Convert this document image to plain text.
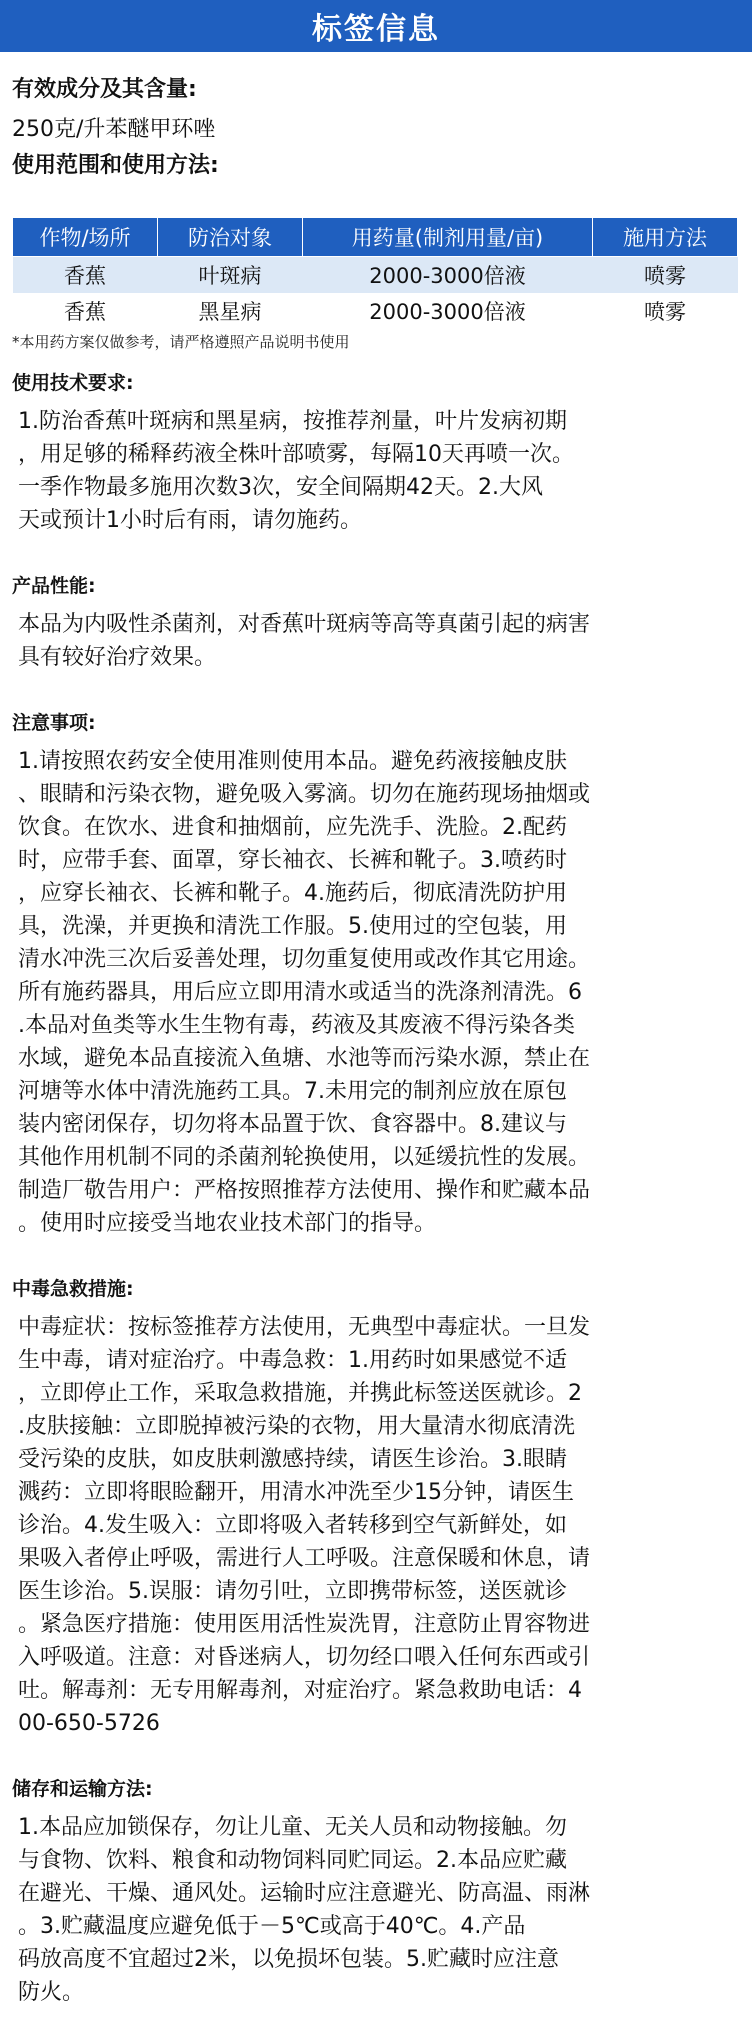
标签信息

有效成分及其含量:

250克/升苯醚甲环唑

使用范围和使用方法:

作物/场所	防治对象	用药量(制剂用量/亩)	施用方法
香蕉	叶斑病	2000-3000倍液	喷雾
香蕉	黑星病	2000-3000倍液	喷雾
*本用药方案仅做参考，请严格遵照产品说明书使用

使用技术要求:

1.防治香蕉叶斑病和黑星病，按推荐剂量，叶片发病初期
，用足够的稀释药液全株叶部喷雾，每隔10天再喷一次。
一季作物最多施用次数3次，安全间隔期42天。2.大风
天或预计1小时后有雨，请勿施药。

产品性能:

本品为内吸性杀菌剂，对香蕉叶斑病等高等真菌引起的病害
具有较好治疗效果。

注意事项:

1.请按照农药安全使用准则使用本品。避免药液接触皮肤
、眼睛和污染衣物，避免吸入雾滴。切勿在施药现场抽烟或
饮食。在饮水、进食和抽烟前，应先洗手、洗脸。2.配药
时，应带手套、面罩，穿长袖衣、长裤和靴子。3.喷药时
，应穿长袖衣、长裤和靴子。4.施药后，彻底清洗防护用
具，洗澡，并更换和清洗工作服。5.使用过的空包装，用
清水冲洗三次后妥善处理，切勿重复使用或改作其它用途。
所有施药器具，用后应立即用清水或适当的洗涤剂清洗。6
.本品对鱼类等水生生物有毒，药液及其废液不得污染各类
水域，避免本品直接流入鱼塘、水池等而污染水源，禁止在
河塘等水体中清洗施药工具。7.未用完的制剂应放在原包
装内密闭保存，切勿将本品置于饮、食容器中。8.建议与
其他作用机制不同的杀菌剂轮换使用，以延缓抗性的发展。
制造厂敬告用户：严格按照推荐方法使用、操作和贮藏本品
。使用时应接受当地农业技术部门的指导。

中毒急救措施:

中毒症状：按标签推荐方法使用，无典型中毒症状。一旦发
生中毒，请对症治疗。中毒急救：1.用药时如果感觉不适
，立即停止工作，采取急救措施，并携此标签送医就诊。2
.皮肤接触：立即脱掉被污染的衣物，用大量清水彻底清洗
受污染的皮肤，如皮肤刺激感持续，请医生诊治。3.眼睛
溅药：立即将眼睑翻开，用清水冲洗至少15分钟，请医生
诊治。4.发生吸入：立即将吸入者转移到空气新鲜处，如
果吸入者停止呼吸，需进行人工呼吸。注意保暖和休息，请
医生诊治。5.误服：请勿引吐，立即携带标签，送医就诊
。紧急医疗措施：使用医用活性炭洗胃，注意防止胃容物进
入呼吸道。注意：对昏迷病人，切勿经口喂入任何东西或引
吐。解毒剂：无专用解毒剂，对症治疗。紧急救助电话：4
00-650-5726

储存和运输方法:

1.本品应加锁保存，勿让儿童、无关人员和动物接触。勿
与食物、饮料、粮食和动物饲料同贮同运。2.本品应贮藏
在避光、干燥、通风处。运输时应注意避光、防高温、雨淋
。3.贮藏温度应避免低于－5℃或高于40℃。4.产品
码放高度不宜超过2米，以免损坏包装。5.贮藏时应注意
防火。
